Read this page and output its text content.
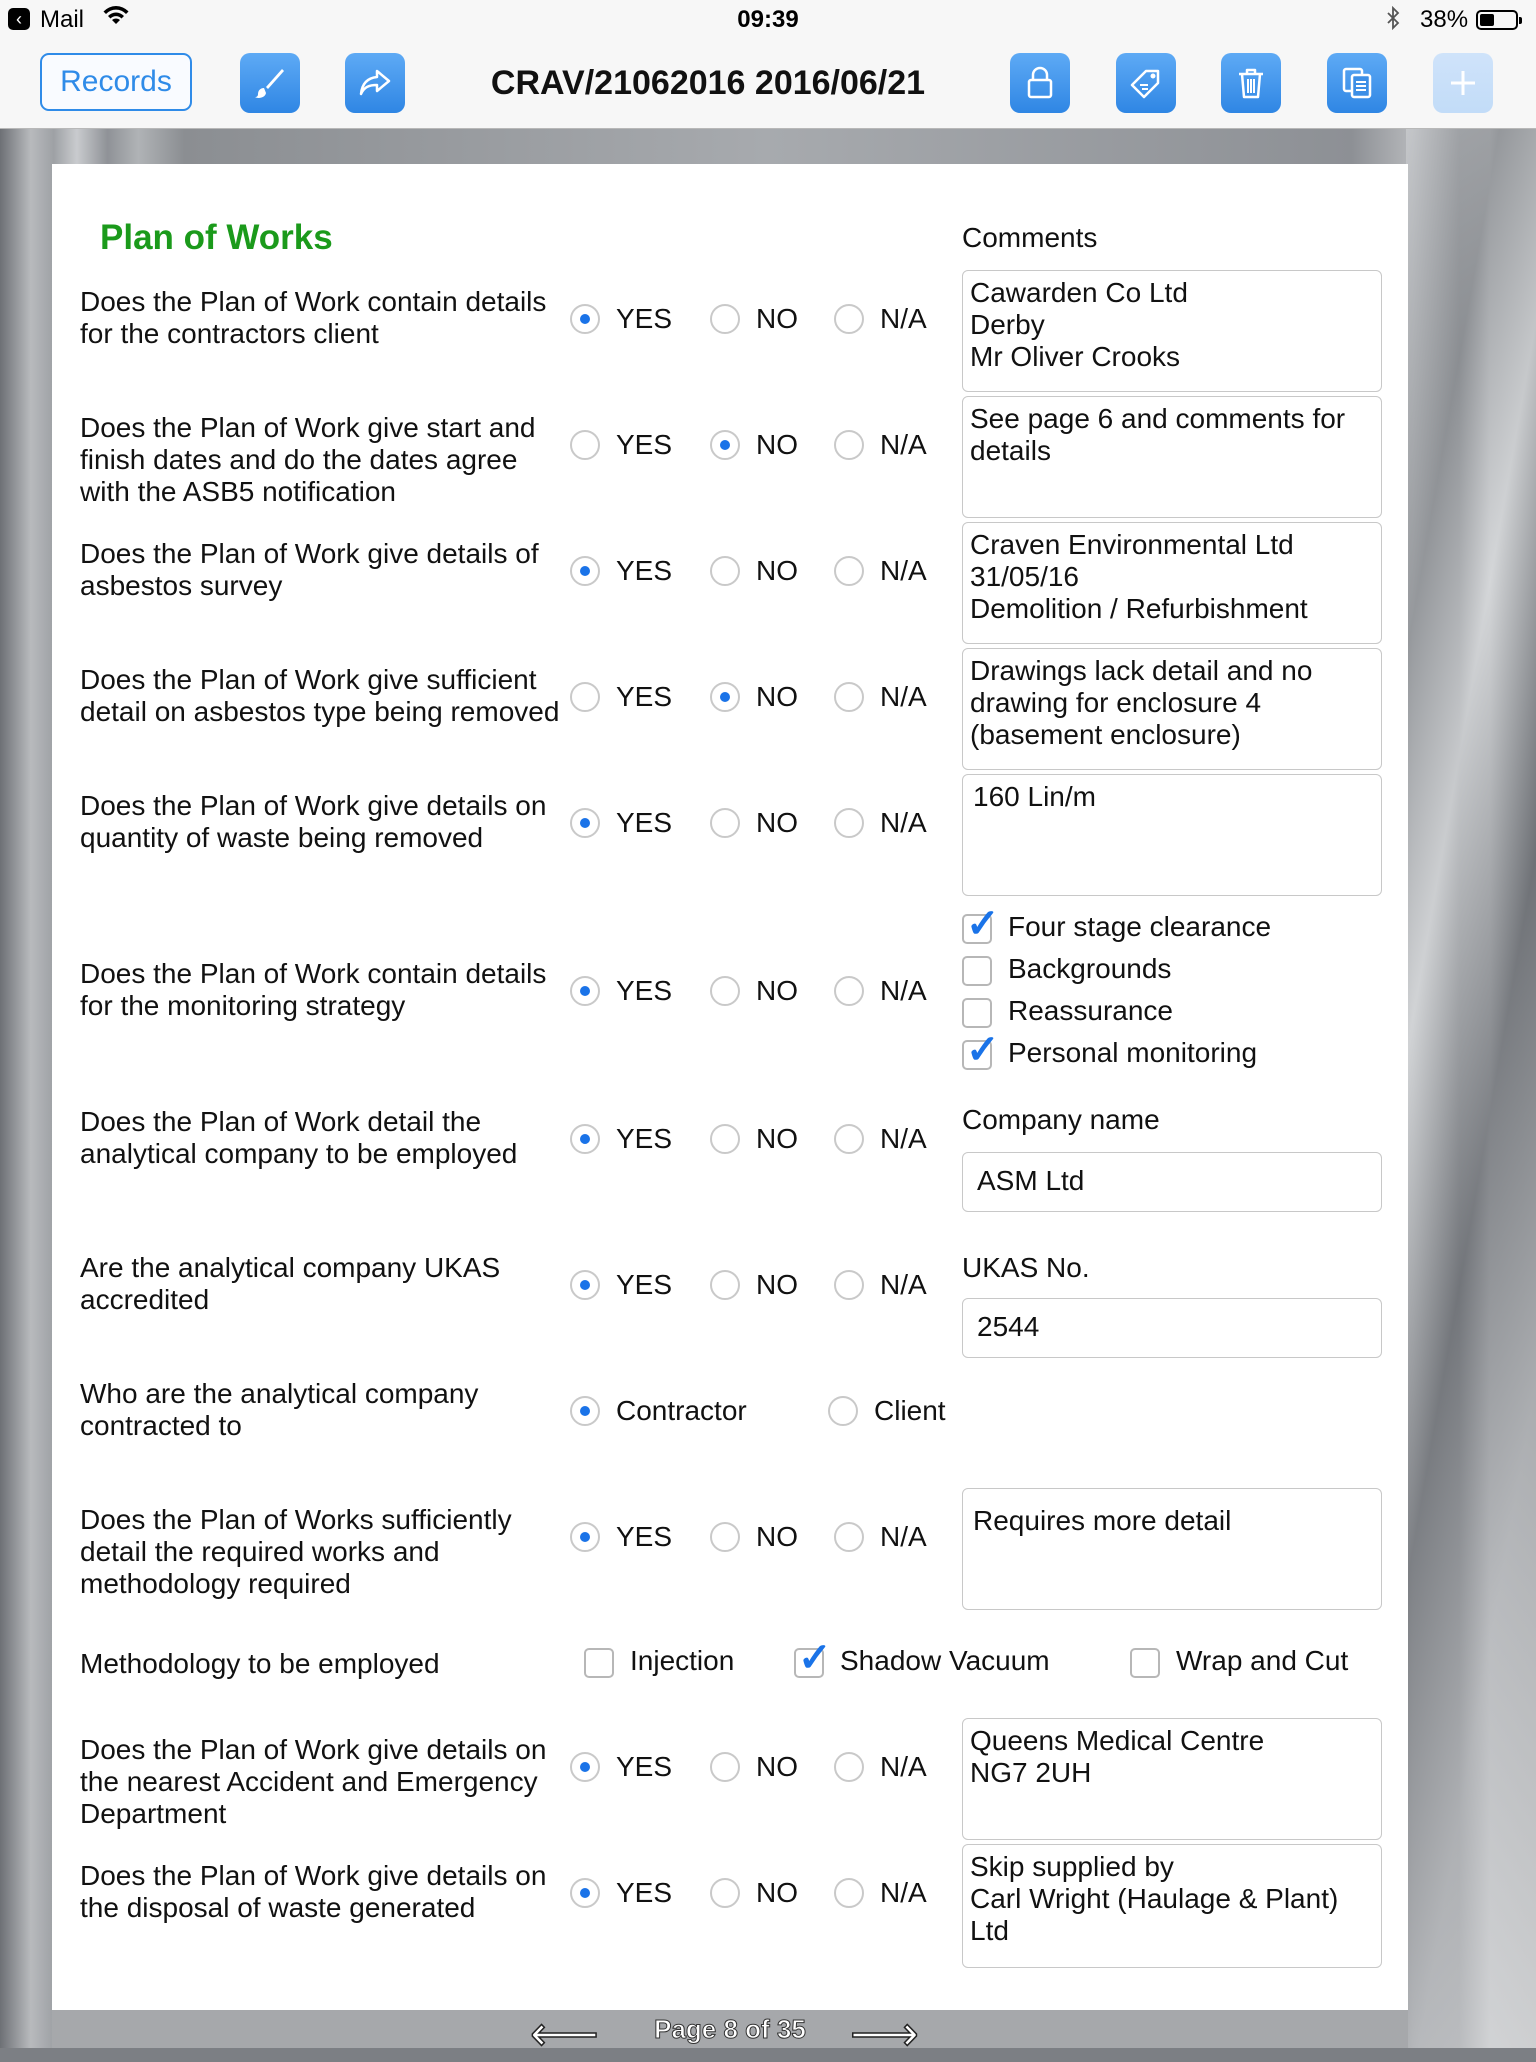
‹ Mail	09:39	38%
Records	CRAV/21062016 2016/06/21
Plan of Works	Comments
Does the Plan of Work contain details for the contractors client	YES	NO	N/A
Cawarden Co Ltd
Derby
Mr Oliver Crooks
Does the Plan of Work give start and finish dates and do the dates agree with the ASB5 notification
YES	NO	N/A
See page 6 and comments for details
Does the Plan of Work give details of asbestos survey	YES	NO	N/A
Craven Environmental Ltd
31/05/16
Demolition / Refurbishment
Does the Plan of Work give sufficient detail on asbestos type being removed	YES	NO	N/A
Drawings lack detail and no drawing for enclosure 4 (basement enclosure)
Does the Plan of Work give details on quantity of waste being removed	YES	NO	N/A
160 Lin/m
Does the Plan of Work contain details for the monitoring strategy	YES	NO	N/A
✓ Four stage clearance
Backgrounds
Reassurance
✓ Personal monitoring
Does the Plan of Work detail the analytical company to be employed	YES	NO	N/A
Company name
ASM Ltd
Are the analytical company UKAS accredited	YES	NO	N/A
UKAS No.
2544
Who are the analytical company contracted to	Contractor	Client
Does the Plan of Works sufficiently detail the required works and methodology required
YES	NO	N/A
Requires more detail
Methodology to be employed	Injection ✓ Shadow Vacuum	Wrap and Cut
Does the Plan of Work give details on the nearest Accident and Emergency Department
YES	NO	N/A
Queens Medical Centre
NG7 2UH
Does the Plan of Work give details on the disposal of waste generated	YES	NO	N/A
Skip supplied by
Carl Wright (Haulage & Plant) Ltd
⟵	Page 8 of 35 ⟶
